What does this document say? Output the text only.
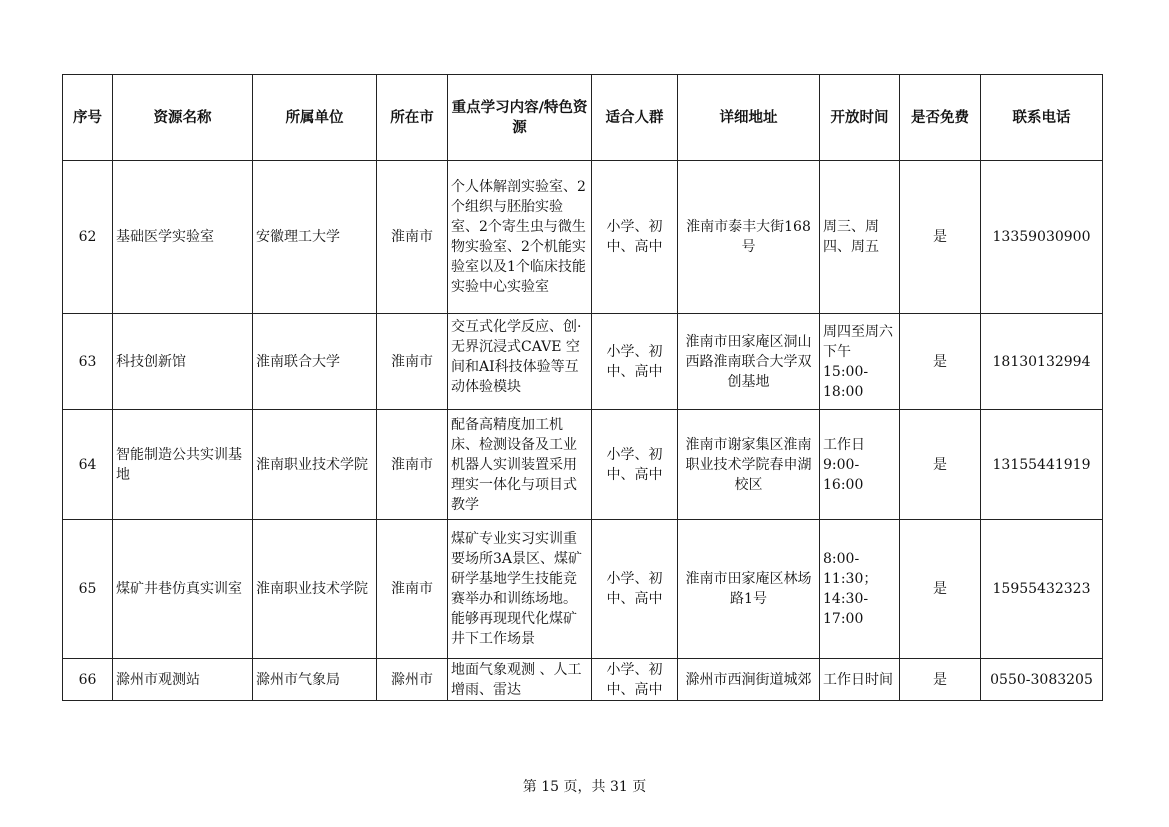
序号	资源名称	所属单位	所在市	重点学习内容/特色资源	适合人群	详细地址	开放时间	是否免费	联系电话
62	基础医学实验室	安徽理工大学	淮南市	个人体解剖实验室、2个组织与胚胎实验室、2个寄生虫与微生物实验室、2个机能实验室以及1个临床技能实验中心实验室	小学、初中、高中	淮南市泰丰大街168号	周三、周四、周五	是	13359030900
63	科技创新馆	淮南联合大学	淮南市	交互式化学反应、创·无界沉浸式CAVE 空间和AI科技体验等互动体验模块	小学、初中、高中	淮南市田家庵区洞山西路淮南联合大学双创基地	周四至周六下午15:00-18:00	是	18130132994
64	智能制造公共实训基地	淮南职业技术学院	淮南市	配备高精度加工机床、检测设备及工业机器人实训装置采用理实一体化与项目式教学	小学、初中、高中	淮南市谢家集区淮南职业技术学院春申湖校区	工作日9:00-16:00	是	13155441919
65	煤矿井巷仿真实训室	淮南职业技术学院	淮南市	煤矿专业实习实训重要场所3A景区、煤矿研学基地学生技能竞赛举办和训练场地。能够再现现代化煤矿井下工作场景	小学、初中、高中	淮南市田家庵区林场路1号	8:00-11:30；14:30-17:00	是	15955432323
66	滁州市观测站	滁州市气象局	滁州市	地面气象观测 、人工增雨、雷达	小学、初中、高中	滁州市西涧街道城郊	工作日时间	是	0550-3083205
第 15 页，共 31 页
